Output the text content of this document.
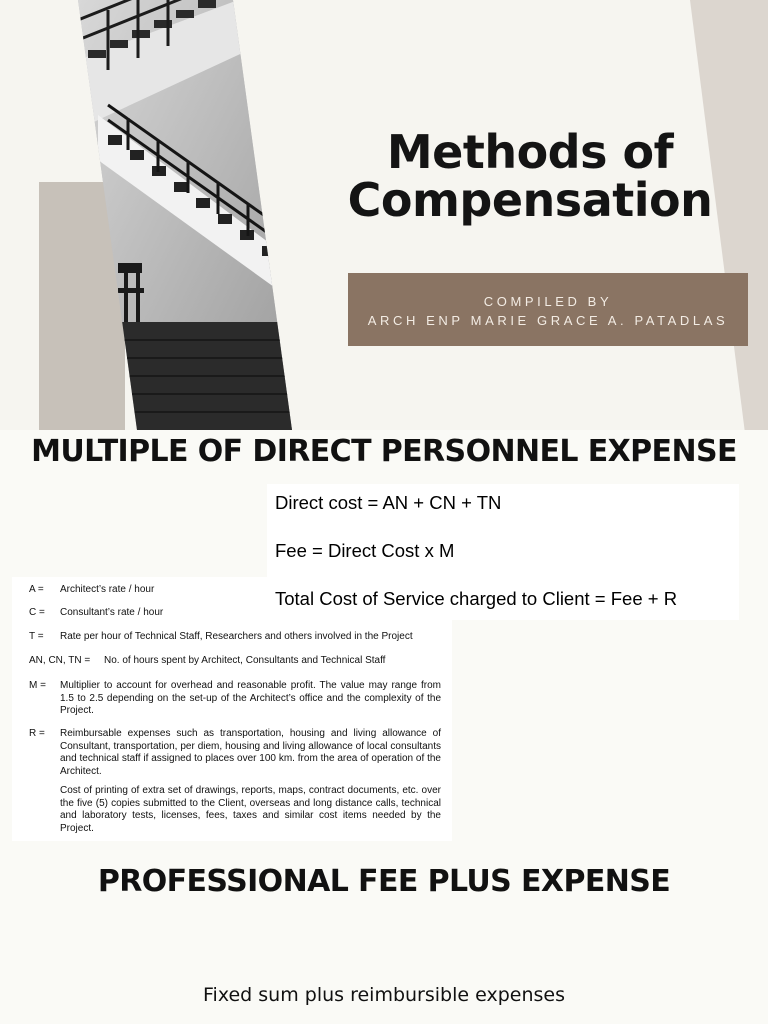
Methods of
Compensation
COMPILED BY
ARCH ENP MARIE GRACE A. PATADLAS
MULTIPLE OF DIRECT PERSONNEL EXPENSE
A =	Architect’s rate / hour
C =	Consultant’s rate / hour
T =	Rate per hour of Technical Staff, Researchers and others involved in the Project
AN, CN, TN = No. of hours spent by Architect, Consultants and Technical Staff
M =	Multiplier to account for overhead and reasonable profit. The value may range from 1.5 to 2.5 depending on the set-up of the Architect’s office and the complexity of the Project.
R =	Reimbursable expenses such as transportation, housing and living allowance of Consultant, transportation, per diem, housing and living allowance of local consultants and technical staff if assigned to places over 100 km. from the area of operation of the Architect.
Cost of printing of extra set of drawings, reports, maps, contract documents, etc. over the five (5) copies submitted to the Client, overseas and long distance calls, technical and laboratory tests, licenses, fees, taxes and similar cost items needed by the Project.
Direct cost = AN + CN + TN
Fee = Direct Cost x M
Total Cost of Service charged to Client = Fee + R
PROFESSIONAL FEE PLUS EXPENSE
Fixed sum plus reimbursible expenses
